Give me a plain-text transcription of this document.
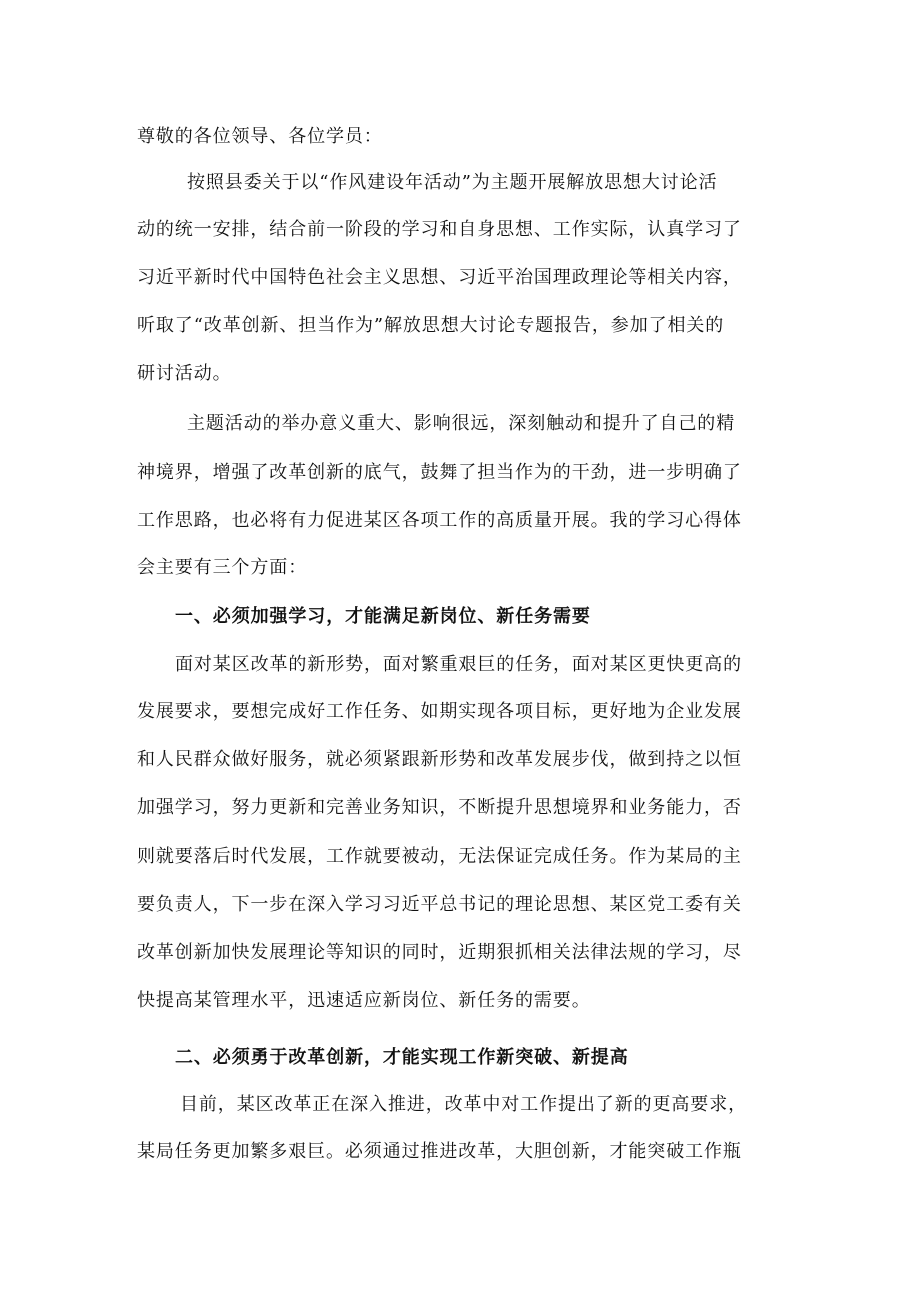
尊敬的各位领导、各位学员：
按照县委关于以“作风建设年活动”为主题开展解放思想大讨论活
动的统一安排，结合前一阶段的学习和自身思想、工作实际，认真学习了
习近平新时代中国特色社会主义思想、习近平治国理政理论等相关内容，
听取了“改革创新、担当作为”解放思想大讨论专题报告，参加了相关的
研讨活动。
主题活动的举办意义重大、影响很远，深刻触动和提升了自己的精
神境界，增强了改革创新的底气，鼓舞了担当作为的干劲，进一步明确了
工作思路，也必将有力促进某区各项工作的高质量开展。我的学习心得体
会主要有三个方面：
一、必须加强学习，才能满足新岗位、新任务需要
面对某区改革的新形势，面对繁重艰巨的任务，面对某区更快更高的
发展要求，要想完成好工作任务、如期实现各项目标，更好地为企业发展
和人民群众做好服务，就必须紧跟新形势和改革发展步伐，做到持之以恒
加强学习，努力更新和完善业务知识，不断提升思想境界和业务能力，否
则就要落后时代发展，工作就要被动，无法保证完成任务。作为某局的主
要负责人，下一步在深入学习习近平总书记的理论思想、某区党工委有关
改革创新加快发展理论等知识的同时，近期狠抓相关法律法规的学习，尽
快提高某管理水平，迅速适应新岗位、新任务的需要。
二、必须勇于改革创新，才能实现工作新突破、新提高
目前，某区改革正在深入推进，改革中对工作提出了新的更高要求，
某局任务更加繁多艰巨。必须通过推进改革，大胆创新，才能突破工作瓶
